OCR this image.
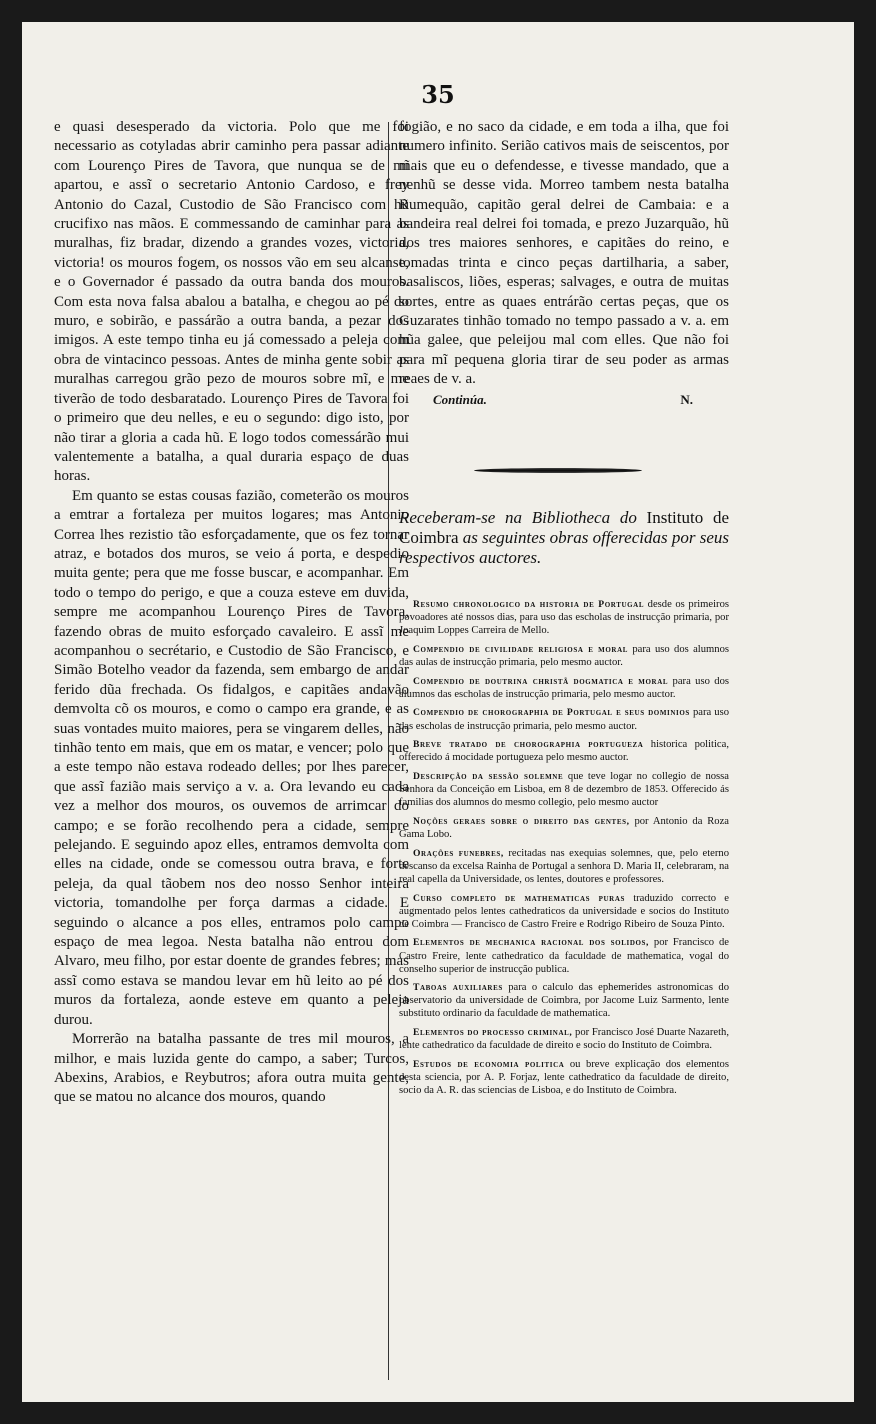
35

e quasi desesperado da victoria. Polo que me foi necessario as cotyladas abrir caminho pera passar adiante com Lourenço Pires de Tavora, que nunqua se de mĩ apartou, e assĩ o secretario Antonio Cardoso, e frey Antonio do Cazal, Custodio de São Francisco com hũ crucifixo nas mãos. E commessando de caminhar para as muralhas, fiz bradar, dizendo a grandes vozes, victoria, victoria! os mouros fogem, os nossos vão em seu alcanse, e o Governador é passado da outra banda dos mouros. Com esta nova falsa abalou a batalha, e chegou ao pé do muro, e sobirão, e passárão a outra banda, a pezar dos imigos. A este tempo tinha eu já comessado a peleja com obra de vintacinco pessoas. Antes de minha gente sobir as muralhas carregou grão pezo de mouros sobre mĩ, e me tiverão de todo desbaratado. Lourenço Pires de Tavora foi o primeiro que deu nelles, e eu o segundo: digo isto, por não tirar a gloria a cada hũ. E logo todos comessárão mui valentemente a batalha, a qual duraria espaço de duas horas.

Em quanto se estas cousas fazião, cometerão os mouros a emtrar a fortaleza per muitos logares; mas Antonio Correa lhes rezistio tão esforçadamente, que os fez tornar atraz, e botados dos muros, se veio á porta, e despedio muita gente; pera que me fosse buscar, e acompanhar. Em todo o tempo do perigo, e que a couza esteve em duvida, sempre me acompanhou Lourenço Pires de Tavora, fazendo obras de muito esforçado cavaleiro. E assĩ me acompanhou o secrétario, e Custodio de São Francisco, e Simão Botelho veador da fazenda, sem embargo de andar ferido dũa frechada. Os fidalgos, e capitães andavão demvolta cõ os mouros, e como o campo era grande, e as suas vontades muito maiores, pera se vingarem delles, não tinhão tento em mais, que em os matar, e vencer; polo que a este tempo não estava rodeado delles; por lhes parecer, que assĩ fazião mais serviço a v. a. Ora levando eu cada vez a melhor dos mouros, os ouvemos de arrimcar do campo; e se forão recolhendo pera a cidade, sempre pelejando. E seguindo apoz elles, entramos demvolta com elles na cidade, onde se comessou outra brava, e forte peleja, da qual tãobem nos deo nosso Senhor inteira victoria, tomandolhe per força darmas a cidade. E seguindo o alcance a pos elles, entramos polo campo espaço de mea legoa. Nesta batalha não entrou dom Alvaro, meu filho, por estar doente de grandes febres; mas assĩ como estava se mandou levar em hũ leito ao pé dos muros da fortaleza, aonde esteve em quanto a peleja durou.

Morrerão na batalha passante de tres mil mouros, a milhor, e mais luzida gente do campo, a saber; Turcos, Abexins, Arabios, e Reybutros; afora outra muita gente, que se matou no alcance dos mouros, quando

fogião, e no saco da cidade, e em toda a ilha, que foi numero infinito. Serião cativos mais de seiscentos, por mais que eu o defendesse, e tivesse mandado, que a nenhũ se desse vida. Morreo tambem nesta batalha Rumequão, capitão geral delrei de Cambaia: e a bandeira real delrei foi tomada, e prezo Juzarquão, hũ dos tres maiores senhores, e capitães do reino, e tomadas trinta e cinco peças dartilharia, a saber, basaliscos, liões, esperas; salvages, e outra de muitas sortes, entre as quaes entrárão certas peças, que os Guzarates tinhão tomado no tempo passado a v. a. em hũa galee, que peleijou mal com elles. Que não foi para mĩ pequena gloria tirar de seu poder as armas reaes de v. a.

Continúa.	N.
Receberam-se na Bibliotheca do Instituto de Coimbra as seguintes obras offerecidas por seus respectivos auctores.

Resumo chronologico da historia de Portugal desde os primeiros povoadores até nossos dias, para uso das escholas de instrucção primaria, por Joaquim Loppes Carreira de Mello.

Compendio de civilidade religiosa e moral para uso dos alumnos das aulas de instrucção primaria, pelo mesmo auctor.

Compendio de doutrina christã dogmatica e moral para uso dos alumnos das escholas de instrucção primaria, pelo mesmo auctor.

Compendio de chorographia de Portugal e seus dominios para uso das escholas de instrucção primaria, pelo mesmo auctor.

Breve tratado de chorographia portugueza historica politica, offerecido á mocidade portugueza pelo mesmo auctor.

Descripção da sessão solemne que teve logar no collegio de nossa Senhora da Conceição em Lisboa, em 8 de dezembro de 1853. Offerecido ás familias dos alumnos do mesmo collegio, pelo mesmo auctor

Noções geraes sobre o direito das gentes, por Antonio da Roza Gama Lobo.

Orações funebres, recitadas nas exequias solemnes, que, pelo eterno descanso da excelsa Rainha de Portugal a senhora D. Maria II, celebraram, na real capella da Universidade, os lentes, doutores e professores.

Curso completo de mathematicas puras traduzido correcto e augmentado pelos lentes cathedraticos da universidade e socios do Instituto de Coimbra — Francisco de Castro Freire e Rodrigo Ribeiro de Souza Pinto.

Elementos de mechanica racional dos solidos, por Francisco de Castro Freire, lente cathedratico da faculdade de mathematica, vogal do conselho superior de instrucção publica.

Taboas auxiliares para o calculo das ephemerides astronomicas do observatorio da universidade de Coimbra, por Jacome Luiz Sarmento, lente substituto ordinario da faculdade de mathematica.

Elementos do processo criminal, por Francisco José Duarte Nazareth, lente cathedratico da faculdade de direito e socio do Instituto de Coimbra.

Estudos de economia politica ou breve explicação dos elementos desta sciencia, por A. P. Forjaz, lente cathedratico da faculdade de direito, socio da A. R. das sciencias de Lisboa, e do Instituto de Coimbra.
